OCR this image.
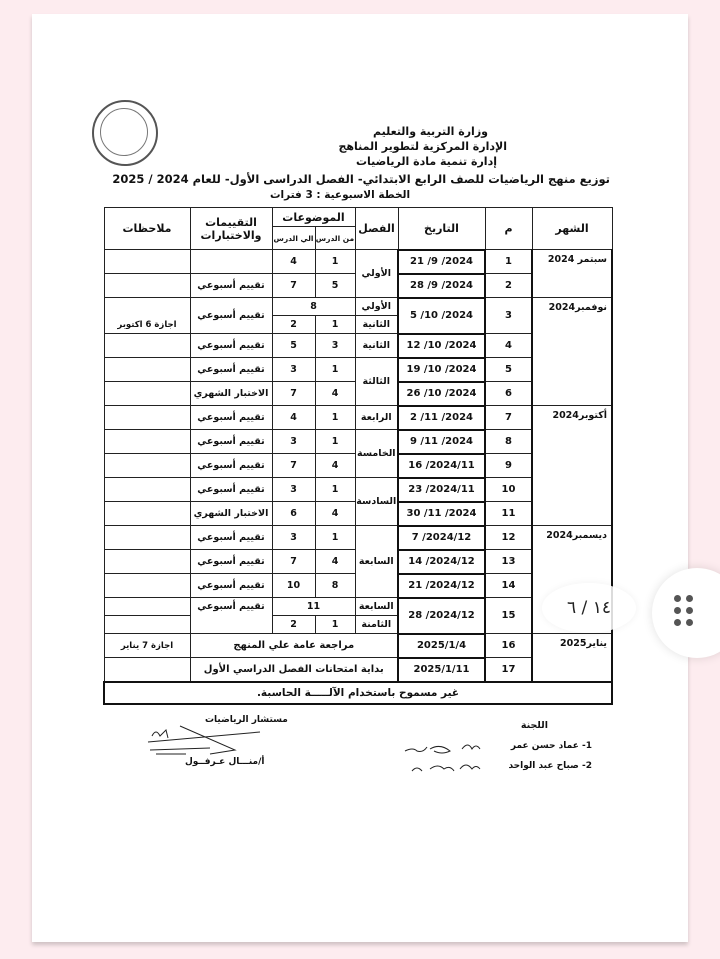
وزارة التربية والتعليم
الإدارة المركزية لتطوير المناهج
إدارة تنمية مادة الرياضيات
توزيع منهج الرياضيات للصف الرابع الابتدائي- الفصل الدراسى الأول- للعام 2024 / 2025
الخطة الاسبوعية : 3 فترات
الشهر	م	التاريخ	الفصل	الموضوعات		التقييمات والاختبارات	ملاحظات
				من الدرس	الي الدرس		
سبتمر 2024	1	2024/ 9/ 21	الأولي	1	4		
	2	2024/ 9/ 28		5	7	تقييم أسبوعي	
نوفمبر2024	3	2024/ 10/ 5	الأولي	8		تقييم أسبوعي	اجازة 6 اكتوبر
			الثانية	1	2		
	4	2024/ 10/ 12	الثانية	3	5	تقييم أسبوعي	
	5	2024/ 10/ 19	الثالثة	1	3	تقييم أسبوعي	
	6	2024/ 10/ 26		4	7	الاختبار الشهري	
أكتوبر2024	7	2024/ 11/ 2	الرابعة	1	4	تقييم أسبوعي	
	8	2024/ 11/ 9	الخامسة	1	3	تقييم أسبوعي	
	9	2024/11/ 16		4	7	تقييم أسبوعي	
	10	2024/11/ 23	السادسة	1	3	تقييم أسبوعي	
	11	2024/ 11/ 30		4	6	الاختبار الشهري	
ديسمبر2024	12	2024/12/ 7	السابعة	1	3	تقييم أسبوعي	
	13	2024/12/ 14		4	7	تقييم أسبوعي	
	14	2024/12/ 21		8	10	تقييم أسبوعي	
	15	2024/12/ 28	السابعة	11		تقييم أسبوعي	
			الثامنة	1	2		
يناير2025	16	2025/1/4	مراجعة عامة علي المنهج				اجازة 7 يناير
	17	2025/1/11	بداية امتحانات الفصل الدراسي الأول				
غير مسموح باستخدام الآلـــــة الحاسبة.							
اللجنة
1- عماد حسن عمر
2- صباح عبد الواحد
مستشار الرياضيات
أ/منـــال عـرفــول
١٤ / ٦
